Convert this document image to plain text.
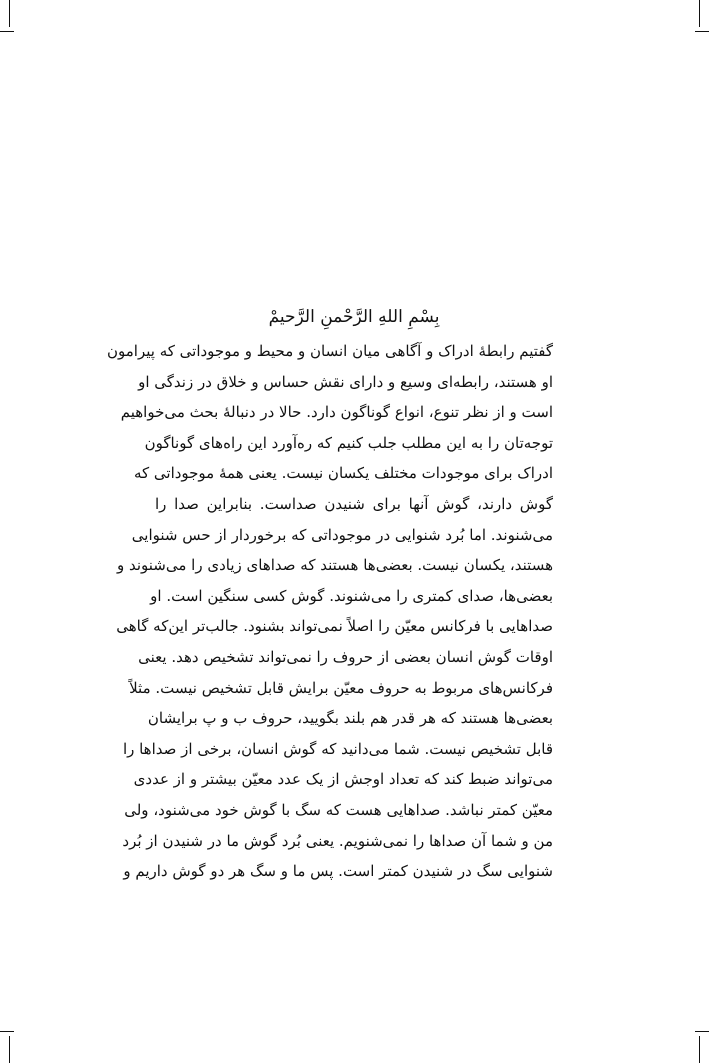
بِسْمِ اللهِ الرَّحْمنِ الرَّحیمْ
گفتیم رابطهٔ ادراک و آگاهی میان انسان و محیط و موجوداتی که پیرامون
او هستند، رابطه‌ای وسیع و دارای نقش حساس و خلاق در زندگی او
است و از نظر تنوع، انواع گوناگون دارد. حالا در دنبالهٔ بحث می‌خواهیم
توجه‌تان را به این مطلب جلب کنیم که ره‌آورد این راه‌های گوناگون
ادراک برای موجودات مختلف یکسان نیست. یعنی همهٔ موجوداتی که
گوش دارند، گوش آنها برای شنیدن صداست. بنابراین صدا را
می‌شنوند. اما بُرد شنوایی در موجوداتی که برخوردار از حس شنوایی
هستند، یکسان نیست. بعضی‌ها هستند که صداهای زیادی را می‌شنوند و
بعضی‌ها، صدای کمتری را می‌شنوند. گوش کسی سنگین است. او
صداهایی با فرکانس معیّن را اصلاً نمی‌تواند بشنود. جالب‌تر این‌که گاهی
اوقات گوش انسان بعضی از حروف را نمی‌تواند تشخیص دهد. یعنی
فرکانس‌های مربوط به حروف معیّن برایش قابل تشخیص نیست. مثلاً
بعضی‌ها هستند که هر قدر هم بلند بگویید، حروف ب و پ برایشان
قابل تشخیص نیست. شما می‌دانید که گوش انسان، برخی از صداها را
می‌تواند ضبط کند که تعداد اوجش از یک عدد معیّن بیشتر و از عددی
معیّن کمتر نباشد. صداهایی هست که سگ با گوش خود می‌شنود، ولی
من و شما آن صداها را نمی‌شنویم. یعنی بُرد گوش ما در شنیدن از بُرد
شنوایی سگ در شنیدن کمتر است. پس ما و سگ هر دو گوش داریم و
